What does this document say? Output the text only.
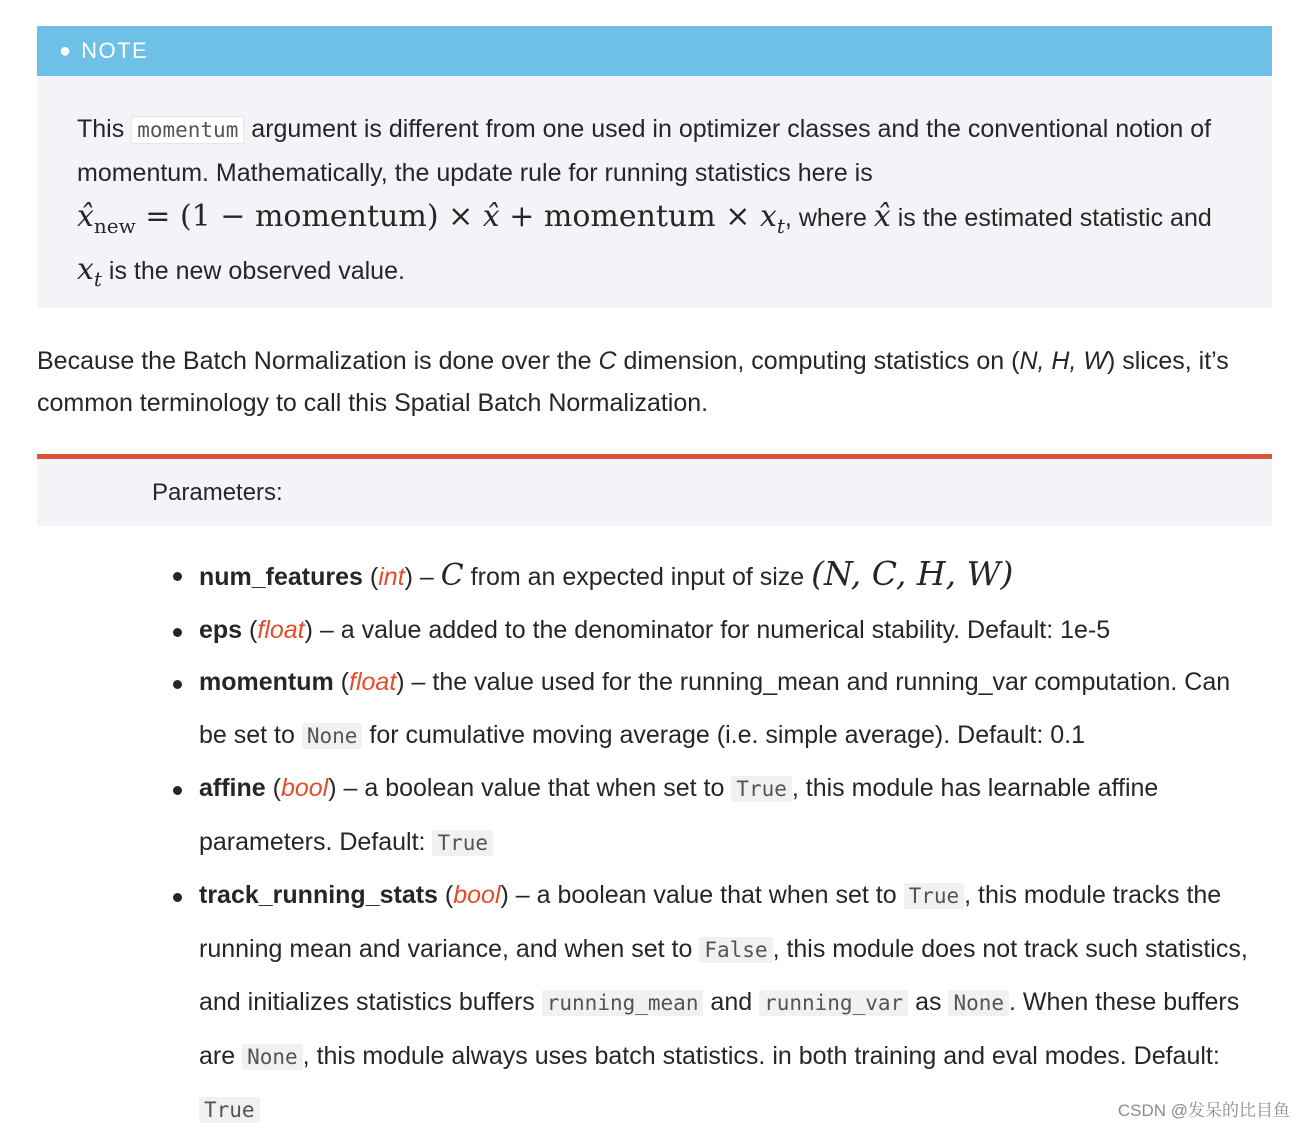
● NOTE

This momentum argument is different from one used in optimizer classes and the conventional notion of momentum. Mathematically, the update rule for running statistics here is $x̂_{new} = (1$ − momentum) × x̂ + momentum × $x_t$, where x̂ is the estimated statistic and $x_t$ is the new observed value.

Because the Batch Normalization is done over the C dimension, computing statistics on (N, H, W) slices, it’s common terminology to call this Spatial Batch Normalization.

Parameters:
num_features (int) – C from an expected input of size (N, C, H, W)
eps (float) – a value added to the denominator for numerical stability. Default: 1e-5
momentum (float) – the value used for the running_mean and running_var computation. Can be set to None for cumulative moving average (i.e. simple average). Default: 0.1
affine (bool) – a boolean value that when set to True , this module has learnable affine parameters. Default: True
track_running_stats (bool) – a boolean value that when set to True , this module tracks the running mean and variance, and when set to False , this module does not track such statistics, and initializes statistics buffers running_mean and running_var as None . When these buffers are None , this module always uses batch statistics. in both training and eval modes. Default: True	CSDN @发呆的比目鱼
